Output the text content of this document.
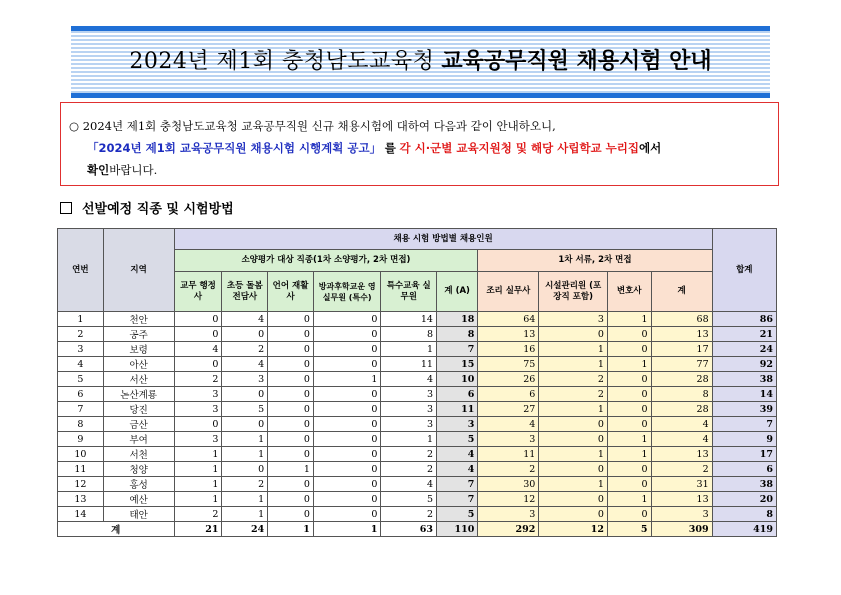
2024년 제1회 충청남도교육청 교육공무직원 채용시험 안내
○ 2024년 제1회 충청남도교육청 교육공무직원 신규 채용시험에 대하여 다음과 같이 안내하오니,
「2024년 제1회 교육공무직원 채용시험 시행계획 공고」 를 각 시·군별 교육지원청 및 해당 사립학교 누리집에서
확인바랍니다.
선발예정 직종 및 시험방법
연번	지역	채용 시험 방법별 채용인원										합계
		소양평가 대상 직종(1차 소양평가, 2차 면접)						1차 서류, 2차 면접				
		교무 행정사	초등 돌봄 전담사	언어 재활사	방과후학교운 영실무원 (특수)	특수교육 실무원	계 (A)	조리 실무사	시설관리원 (포장직 포함)	변호사	계	
1	천안	0	4	0	0	14	18	64	3	1	68	86
2	공주	0	0	0	0	8	8	13	0	0	13	21
3	보령	4	2	0	0	1	7	16	1	0	17	24
4	아산	0	4	0	0	11	15	75	1	1	77	92
5	서산	2	3	0	1	4	10	26	2	0	28	38
6	논산계룡	3	0	0	0	3	6	6	2	0	8	14
7	당진	3	5	0	0	3	11	27	1	0	28	39
8	금산	0	0	0	0	3	3	4	0	0	4	7
9	부여	3	1	0	0	1	5	3	0	1	4	9
10	서천	1	1	0	0	2	4	11	1	1	13	17
11	청양	1	0	1	0	2	4	2	0	0	2	6
12	홍성	1	2	0	0	4	7	30	1	0	31	38
13	예산	1	1	0	0	5	7	12	0	1	13	20
14	태안	2	1	0	0	2	5	3	0	0	3	8
계		21	24	1	1	63	110	292	12	5	309	419
